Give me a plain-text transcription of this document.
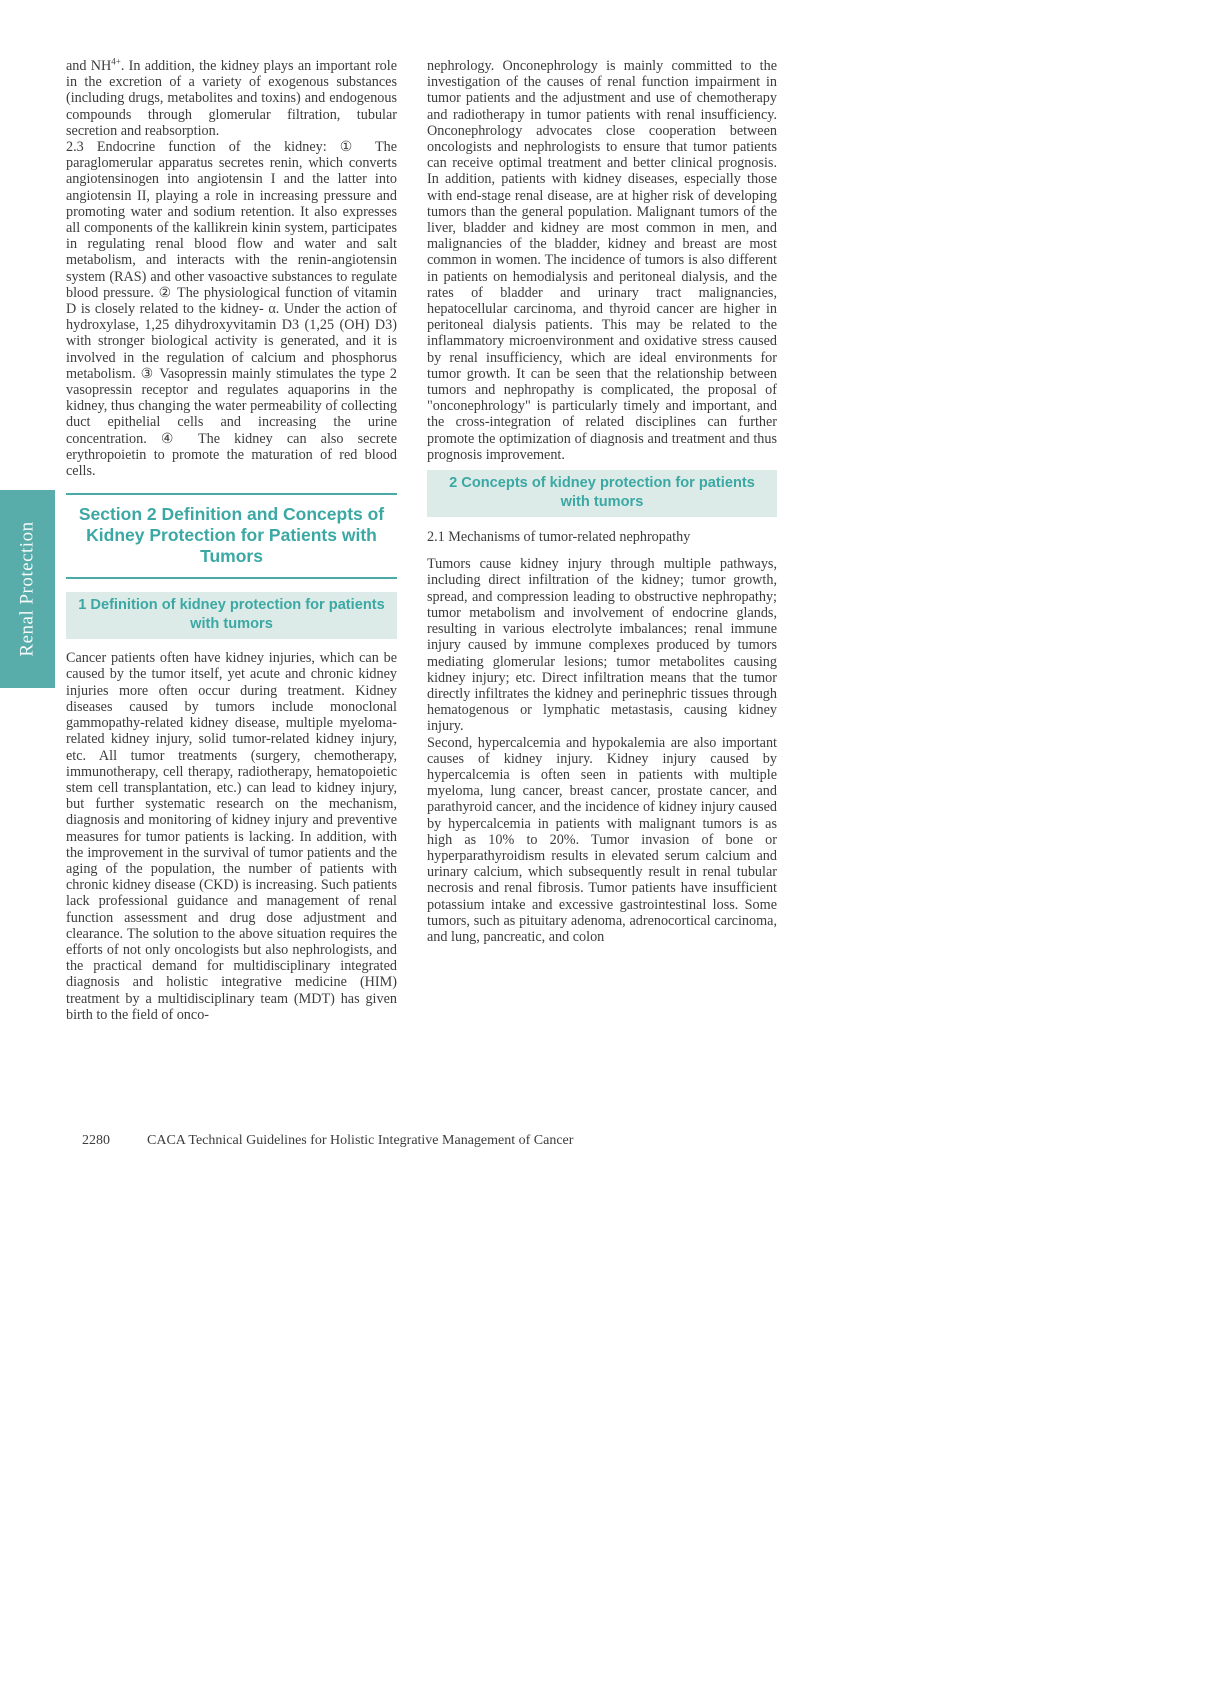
Renal Protection

and $NH^{4+}$. In addition, the kidney plays an important role in the excretion of a variety of exogenous substances (including drugs, metabolites and toxins) and endogenous compounds through glomerular filtration, tubular secretion and reabsorption.

2.3 Endocrine function of the kidney: ① The paraglomerular apparatus secretes renin, which converts angiotensinogen into angiotensin I and the latter into angiotensin II, playing a role in increasing pressure and promoting water and sodium retention. It also expresses all components of the kallikrein kinin system, participates in regulating renal blood flow and water and salt metabolism, and interacts with the renin-angiotensin system (RAS) and other vasoactive substances to regulate blood pressure. ② The physiological function of vitamin D is closely related to the kidney- α. Under the action of hydroxylase, 1,25 dihydroxyvitamin D3 (1,25 (OH) D3) with stronger biological activity is generated, and it is involved in the regulation of calcium and phosphorus metabolism. ③ Vasopressin mainly stimulates the type 2 vasopressin receptor and regulates aquaporins in the kidney, thus changing the water permeability of collecting duct epithelial cells and increasing the urine concentration. ④ The kidney can also secrete erythropoietin to promote the maturation of red blood cells.

Section 2 Definition and Concepts of Kidney Protection for Patients with Tumors
1 Definition of kidney protection for patients with tumors

Cancer patients often have kidney injuries, which can be caused by the tumor itself, yet acute and chronic kidney injuries more often occur during treatment. Kidney diseases caused by tumors include monoclonal gammopathy-related kidney disease, multiple myeloma-related kidney injury, solid tumor-related kidney injury, etc. All tumor treatments (surgery, chemotherapy, immunotherapy, cell therapy, radiotherapy, hematopoietic stem cell transplantation, etc.) can lead to kidney injury, but further systematic research on the mechanism, diagnosis and monitoring of kidney injury and preventive measures for tumor patients is lacking. In addition, with the improvement in the survival of tumor patients and the aging of the population, the number of patients with chronic kidney disease (CKD) is increasing. Such patients lack professional guidance and management of renal function assessment and drug dose adjustment and clearance. The solution to the above situation requires the efforts of not only oncologists but also nephrologists, and the practical demand for multidisciplinary integrated diagnosis and holistic integrative medicine (HIM) treatment by a multidisciplinary team (MDT) has given birth to the field of onco-

nephrology. Onconephrology is mainly committed to the investigation of the causes of renal function impairment in tumor patients and the adjustment and use of chemotherapy and radiotherapy in tumor patients with renal insufficiency. Onconephrology advocates close cooperation between oncologists and nephrologists to ensure that tumor patients can receive optimal treatment and better clinical prognosis. In addition, patients with kidney diseases, especially those with end-stage renal disease, are at higher risk of developing tumors than the general population. Malignant tumors of the liver, bladder and kidney are most common in men, and malignancies of the bladder, kidney and breast are most common in women. The incidence of tumors is also different in patients on hemodialysis and peritoneal dialysis, and the rates of bladder and urinary tract malignancies, hepatocellular carcinoma, and thyroid cancer are higher in peritoneal dialysis patients. This may be related to the inflammatory microenvironment and oxidative stress caused by renal insufficiency, which are ideal environments for tumor growth. It can be seen that the relationship between tumors and nephropathy is complicated, the proposal of "onconephrology" is particularly timely and important, and the cross-integration of related disciplines can further promote the optimization of diagnosis and treatment and thus prognosis improvement.

2 Concepts of kidney protection for patients with tumors
2.1 Mechanisms of tumor-related nephropathy

Tumors cause kidney injury through multiple pathways, including direct infiltration of the kidney; tumor growth, spread, and compression leading to obstructive nephropathy; tumor metabolism and involvement of endocrine glands, resulting in various electrolyte imbalances; renal immune injury caused by immune complexes produced by tumors mediating glomerular lesions; tumor metabolites causing kidney injury; etc. Direct infiltration means that the tumor directly infiltrates the kidney and perinephric tissues through hematogenous or lymphatic metastasis, causing kidney injury.

Second, hypercalcemia and hypokalemia are also important causes of kidney injury. Kidney injury caused by hypercalcemia is often seen in patients with multiple myeloma, lung cancer, breast cancer, prostate cancer, and parathyroid cancer, and the incidence of kidney injury caused by hypercalcemia in patients with malignant tumors is as high as 10% to 20%. Tumor invasion of bone or hyperparathyroidism results in elevated serum calcium and urinary calcium, which subsequently result in renal tubular necrosis and renal fibrosis. Tumor patients have insufficient potassium intake and excessive gastrointestinal loss. Some tumors, such as pituitary adenoma, adrenocortical carcinoma, and lung, pancreatic, and colon

2280	CACA Technical Guidelines for Holistic Integrative Management of Cancer
